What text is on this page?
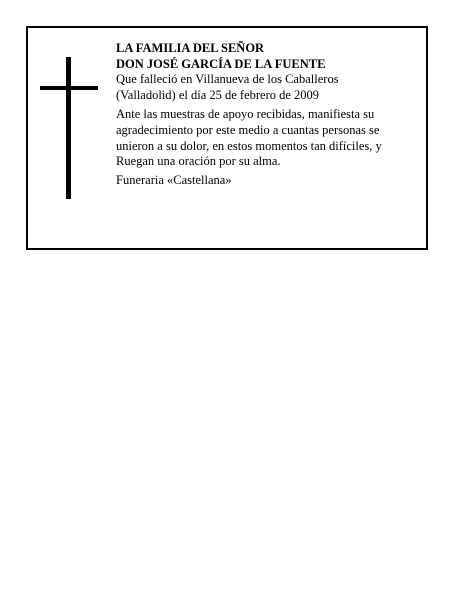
LA FAMILIA DEL SEÑOR
DON JOSÉ GARCÍA DE LA FUENTE

Que falleció en Villanueva de los Caballeros

(Valladolid) el día 25 de febrero de 2009

Ante las muestras de apoyo recibidas, manifiesta su agradecimiento por este medio a cuantas personas se unieron a su dolor, en estos momentos tan difíciles, y Ruegan una oración por su alma.

Funeraria «Castellana»
